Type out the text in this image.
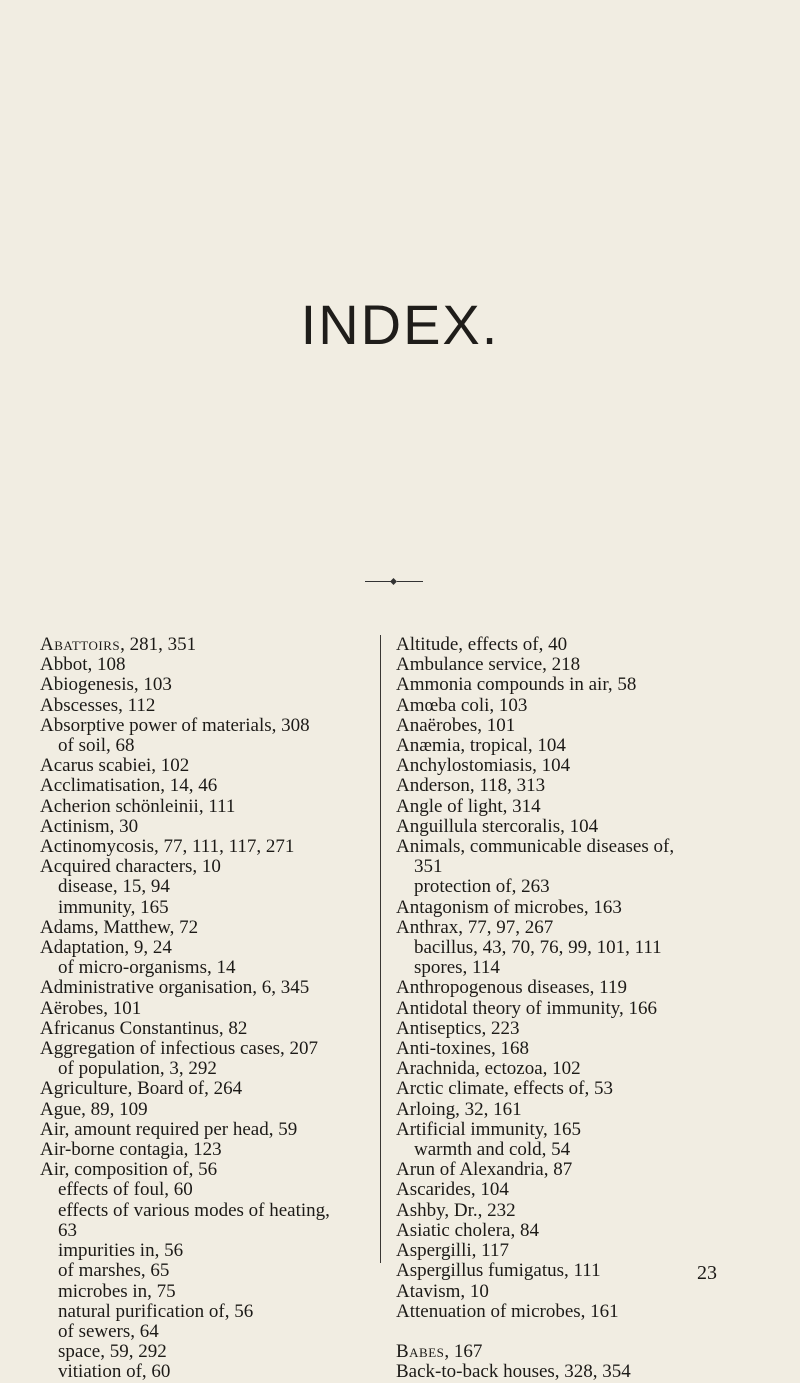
INDEX.
Abattoirs, 281, 351
Abbot, 108
Abiogenesis, 103
Abscesses, 112
Absorptive power of materials, 308
of soil, 68
Acarus scabiei, 102
Acclimatisation, 14, 46
Acherion schönleinii, 111
Actinism, 30
Actinomycosis, 77, 111, 117, 271
Acquired characters, 10
disease, 15, 94
immunity, 165
Adams, Matthew, 72
Adaptation, 9, 24
of micro-organisms, 14
Administrative organisation, 6, 345
Aërobes, 101
Africanus Constantinus, 82
Aggregation of infectious cases, 207
of population, 3, 292
Agriculture, Board of, 264
Ague, 89, 109
Air, amount required per head, 59
Air-borne contagia, 123
Air, composition of, 56
effects of foul, 60
effects of various modes of heating,
63
impurities in, 56
of marshes, 65
microbes in, 75
natural purification of, 56
of sewers, 64
space, 59, 292
vitiation of, 60
Altitude, effects of, 40
Ambulance service, 218
Ammonia compounds in air, 58
Amœba coli, 103
Anaërobes, 101
Anæmia, tropical, 104
Anchylostomiasis, 104
Anderson, 118, 313
Angle of light, 314
Anguillula stercoralis, 104
Animals, communicable diseases of,
351
protection of, 263
Antagonism of microbes, 163
Anthrax, 77, 97, 267
bacillus, 43, 70, 76, 99, 101, 111
spores, 114
Anthropogenous diseases, 119
Antidotal theory of immunity, 166
Antiseptics, 223
Anti-toxines, 168
Arachnida, ectozoa, 102
Arctic climate, effects of, 53
Arloing, 32, 161
Artificial immunity, 165
warmth and cold, 54
Arun of Alexandria, 87
Ascarides, 104
Ashby, Dr., 232
Asiatic cholera, 84
Aspergilli, 117
Aspergillus fumigatus, 111
Atavism, 10
Attenuation of microbes, 161
Babes, 167
Back-to-back houses, 328, 354
23
